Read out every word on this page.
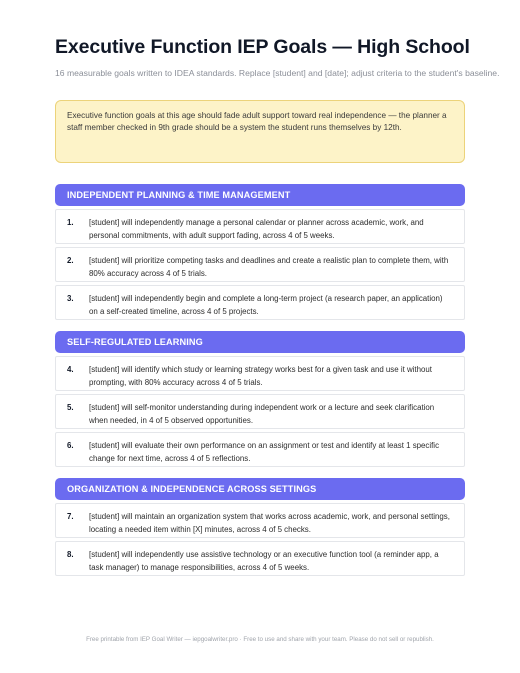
Executive Function IEP Goals — High School
16 measurable goals written to IDEA standards. Replace [student] and [date]; adjust criteria to the student's baseline.
Executive function goals at this age should fade adult support toward real independence — the planner a staff member checked in 9th grade should be a system the student runs themselves by 12th.
INDEPENDENT PLANNING & TIME MANAGEMENT
1. [student] will independently manage a personal calendar or planner across academic, work, and personal commitments, with adult support fading, across 4 of 5 weeks.
2. [student] will prioritize competing tasks and deadlines and create a realistic plan to complete them, with 80% accuracy across 4 of 5 trials.
3. [student] will independently begin and complete a long-term project (a research paper, an application) on a self-created timeline, across 4 of 5 projects.
SELF-REGULATED LEARNING
4. [student] will identify which study or learning strategy works best for a given task and use it without prompting, with 80% accuracy across 4 of 5 trials.
5. [student] will self-monitor understanding during independent work or a lecture and seek clarification when needed, in 4 of 5 observed opportunities.
6. [student] will evaluate their own performance on an assignment or test and identify at least 1 specific change for next time, across 4 of 5 reflections.
ORGANIZATION & INDEPENDENCE ACROSS SETTINGS
7. [student] will maintain an organization system that works across academic, work, and personal settings, locating a needed item within [X] minutes, across 4 of 5 checks.
8. [student] will independently use assistive technology or an executive function tool (a reminder app, a task manager) to manage responsibilities, across 4 of 5 weeks.
Free printable from IEP Goal Writer — iepgoalwriter.pro · Free to use and share with your team. Please do not sell or republish.
